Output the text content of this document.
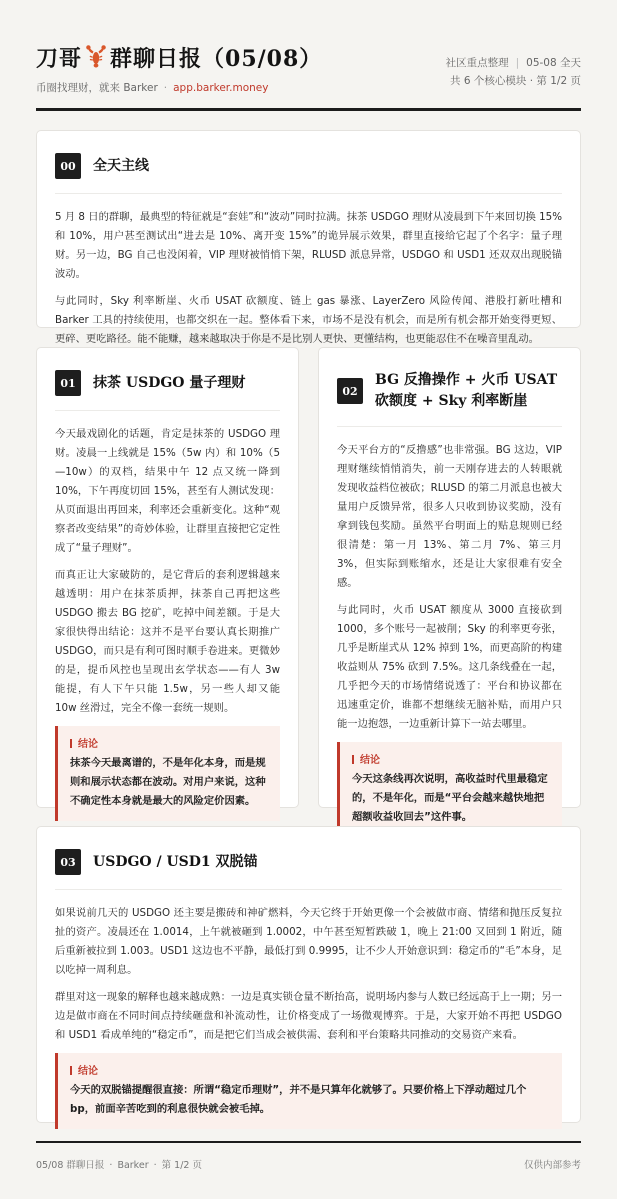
刀哥 群聊日报（05/08）
币圈找理财，就来 Barker · app.barker.money
社区重点整理 | 05-08 全天
共 6 个核心模块 · 第 1/2 页
00	全天主线

5 月 8 日的群聊，最典型的特征就是“套娃”和“波动”同时拉满。抹茶 USDGO 理财从凌晨到下午来回切换 15% 和 10%，用户甚至测试出“进去是 10%、离开变 15%”的诡异展示效果，群里直接给它起了个名字：量子理财。另一边，BG 自己也没闲着，VIP 理财被悄悄下架，RLUSD 派息异常，USDGO 和 USD1 还双双出现脱锚波动。

与此同时，Sky 利率断崖、火币 USAT 砍额度、链上 gas 暴涨、LayerZero 风险传闻、港股打新吐槽和 Barker 工具的持续使用，也都交织在一起。整体看下来，市场不是没有机会，而是所有机会都开始变得更短、更碎、更吃路径。能不能赚，越来越取决于你是不是比别人更快、更懂结构，也更能忍住不在噪音里乱动。

01	抹茶 USDGO 量子理财

今天最戏剧化的话题，肯定是抹茶的 USDGO 理财。凌晨一上线就是 15%（5w 内）和 10%（5—10w）的双档，结果中午 12 点又统一降到 10%，下午再度切回 15%，甚至有人测试发现：从页面退出再回来，利率还会重新变化。这种“观察者改变结果”的奇妙体验，让群里直接把它定性成了“量子理财”。

而真正让大家破防的，是它背后的套利逻辑越来越透明：用户在抹茶质押，抹茶自己再把这些 USDGO 搬去 BG 挖矿，吃掉中间差额。于是大家很快得出结论：这并不是平台要认真长期推广 USDGO，而只是有利可图时顺手卷进来。更微妙的是，提币风控也呈现出玄学状态——有人 3w 能提，有人下午只能 1.5w，另一些人却又能 10w 丝滑过，完全不像一套统一规则。

结论
抹茶今天最离谱的，不是年化本身，而是规则和展示状态都在波动。对用户来说，这种不确定性本身就是最大的风险定价因素。
02
BG 反撸操作 + 火币 USAT 砍额度 + Sky 利率断崖

今天平台方的“反撸感”也非常强。BG 这边，VIP 理财继续悄悄消失，前一天刚存进去的人转眼就发现收益档位被砍；RLUSD 的第二月派息也被大量用户反馈异常，很多人只收到协议奖励，没有拿到钱包奖励。虽然平台明面上的贴息规则已经很清楚：第一月 13%、第二月 7%、第三月 3%，但实际到账缩水，还是让大家很难有安全感。

与此同时，火币 USAT 额度从 3000 直接砍到 1000，多个账号一起被削；Sky 的利率更夸张，几乎是断崖式从 12% 掉到 1%，而更高阶的构建收益则从 75% 砍到 7.5%。这几条线叠在一起，几乎把今天的市场情绪说透了：平台和协议都在迅速重定价，谁都不想继续无脑补贴，而用户只能一边抱怨，一边重新计算下一站去哪里。

结论
今天这条线再次说明，高收益时代里最稳定的，不是年化，而是“平台会越来越快地把超额收益收回去”这件事。
03	USDGO / USD1 双脱锚

如果说前几天的 USDGO 还主要是搬砖和神矿燃料，今天它终于开始更像一个会被做市商、情绪和抛压反复拉扯的资产。凌晨还在 1.0014，上午就被砸到 1.0002，中午甚至短暂跌破 1，晚上 21:00 又回到 1 附近，随后重新被拉到 1.003。USD1 这边也不平静，最低打到 0.9995，让不少人开始意识到：稳定币的“毛”本身，足以吃掉一周利息。

群里对这一现象的解释也越来越成熟：一边是真实锁仓量不断抬高，说明场内参与人数已经远高于上一期；另一边是做市商在不同时间点持续砸盘和补流动性，让价格变成了一场微观博弈。于是，大家开始不再把 USDGO 和 USD1 看成单纯的“稳定币”，而是把它们当成会被供需、套利和平台策略共同推动的交易资产来看。

结论
今天的双脱锚提醒很直接：所谓“稳定币理财”，并不是只算年化就够了。只要价格上下浮动超过几个 bp，前面辛苦吃到的利息很快就会被毛掉。
05/08 群聊日报 · Barker · 第 1/2 页	仅供内部参考
